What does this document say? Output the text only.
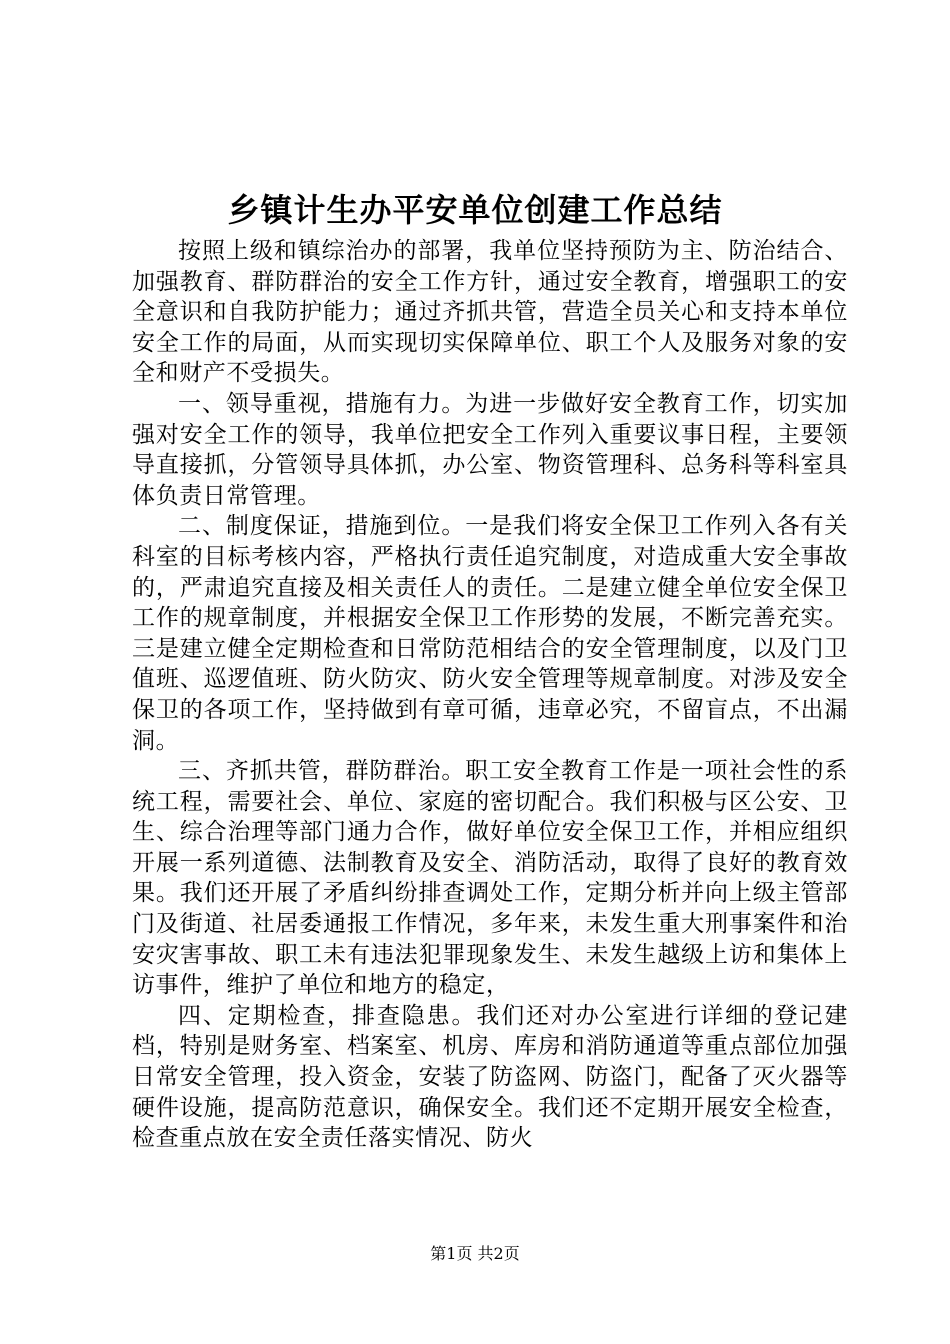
乡镇计生办平安单位创建工作总结

按照上级和镇综治办的部署，我单位坚持预防为主、防治结合、加强教育、群防群治的安全工作方针，通过安全教育，增强职工的安全意识和自我防护能力；通过齐抓共管，营造全员关心和支持本单位安全工作的局面，从而实现切实保障单位、职工个人及服务对象的安全和财产不受损失。

一、领导重视，措施有力。为进一步做好安全教育工作，切实加强对安全工作的领导，我单位把安全工作列入重要议事日程，主要领导直接抓，分管领导具体抓，办公室、物资管理科、总务科等科室具体负责日常管理。

二、制度保证，措施到位。一是我们将安全保卫工作列入各有关科室的目标考核内容，严格执行责任追究制度，对造成重大安全事故的，严肃追究直接及相关责任人的责任。二是建立健全单位安全保卫工作的规章制度，并根据安全保卫工作形势的发展，不断完善充实。三是建立健全定期检查和日常防范相结合的安全管理制度，以及门卫值班、巡逻值班、防火防灾、防火安全管理等规章制度。对涉及安全保卫的各项工作，坚持做到有章可循，违章必究，不留盲点，不出漏洞。

三、齐抓共管，群防群治。职工安全教育工作是一项社会性的系统工程，需要社会、单位、家庭的密切配合。我们积极与区公安、卫生、综合治理等部门通力合作，做好单位安全保卫工作，并相应组织开展一系列道德、法制教育及安全、消防活动，取得了良好的教育效果。我们还开展了矛盾纠纷排查调处工作，定期分析并向上级主管部门及街道、社居委通报工作情况，多年来，未发生重大刑事案件和治安灾害事故、职工未有违法犯罪现象发生、未发生越级上访和集体上访事件，维护了单位和地方的稳定，

四、定期检查，排查隐患。我们还对办公室进行详细的登记建档，特别是财务室、档案室、机房、库房和消防通道等重点部位加强日常安全管理，投入资金，安装了防盗网、防盗门，配备了灭火器等硬件设施，提高防范意识，确保安全。我们还不定期开展安全检查，检查重点放在安全责任落实情况、防火

第1页 共2页
